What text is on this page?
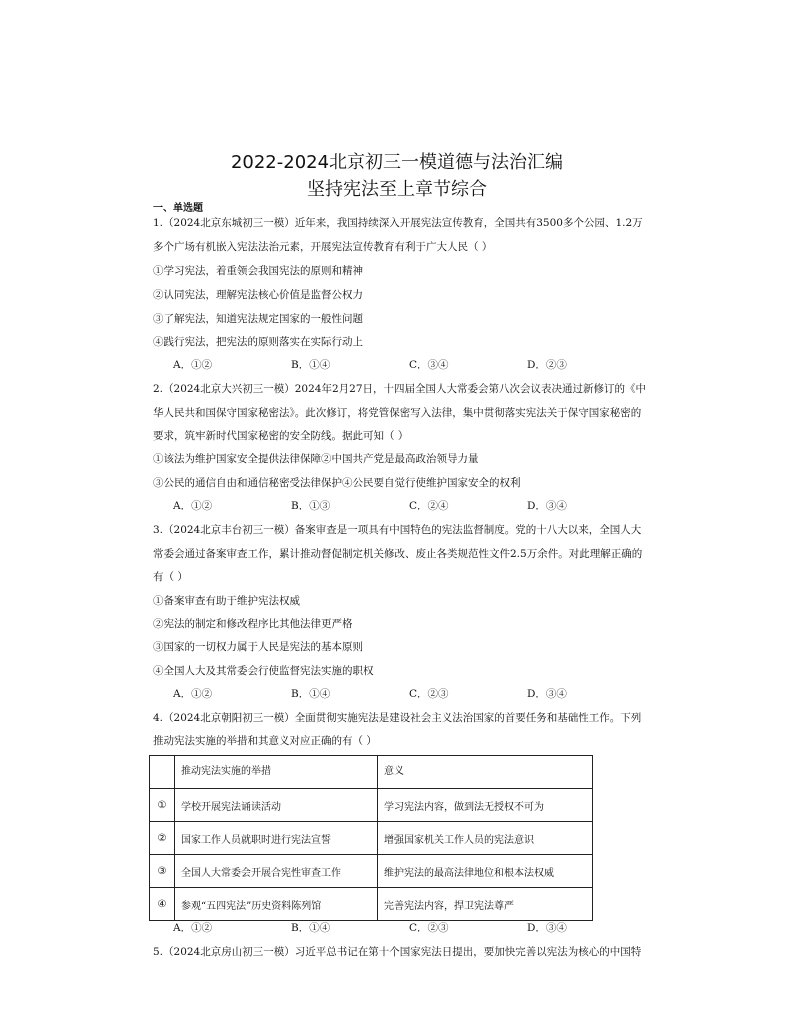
2022-2024北京初三一模道德与法治汇编
坚持宪法至上章节综合
一、单选题
1.（2024北京东城初三一模）近年来，我国持续深入开展宪法宣传教育，全国共有3500多个公园、1.2万
多个广场有机嵌入宪法法治元素，开展宪法宣传教育有利于广大人民（ ）
①学习宪法，着重领会我国宪法的原则和精神
②认同宪法，理解宪法核心价值是监督公权力
③了解宪法，知道宪法规定国家的一般性问题
④践行宪法，把宪法的原则落实在实际行动上
A．①②	B．①④	C．③④	D．②③
2.（2024北京大兴初三一模）2024年2月27日，十四届全国人大常委会第八次会议表决通过新修订的《中
华人民共和国保守国家秘密法》。此次修订，将党管保密写入法律，集中贯彻落实宪法关于保守国家秘密的
要求，筑牢新时代国家秘密的安全防线。据此可知（ ）
①该法为维护国家安全提供法律保障②中国共产党是最高政治领导力量
③公民的通信自由和通信秘密受法律保护④公民要自觉行使维护国家安全的权利
A．①②	B．①③	C．②④	D．③④
3.（2024北京丰台初三一模）备案审查是一项具有中国特色的宪法监督制度。党的十八大以来，全国人大
常委会通过备案审查工作，累计推动督促制定机关修改、废止各类规范性文件2.5万余件。对此理解正确的
有（ ）
①备案审查有助于维护宪法权威
②宪法的制定和修改程序比其他法律更严格
③国家的一切权力属于人民是宪法的基本原则
④全国人大及其常委会行使监督宪法实施的职权
A．①②	B．①④	C．②③	D．③④
4.（2024北京朝阳初三一模）全面贯彻实施宪法是建设社会主义法治国家的首要任务和基础性工作。下列
推动宪法实施的举措和其意义对应正确的有（ ）
	推动宪法实施的举措	意义
①	学校开展宪法诵读活动	学习宪法内容，做到法无授权不可为
②	国家工作人员就职时进行宪法宣誓	增强国家机关工作人员的宪法意识
③	全国人大常委会开展合宪性审查工作	维护宪法的最高法律地位和根本法权威
④	参观“五四宪法”历史资料陈列馆	完善宪法内容，捍卫宪法尊严
A．①②	B．①④	C．②③	D．③④
5.（2024北京房山初三一模）习近平总书记在第十个国家宪法日提出，要加快完善以宪法为核心的中国特
